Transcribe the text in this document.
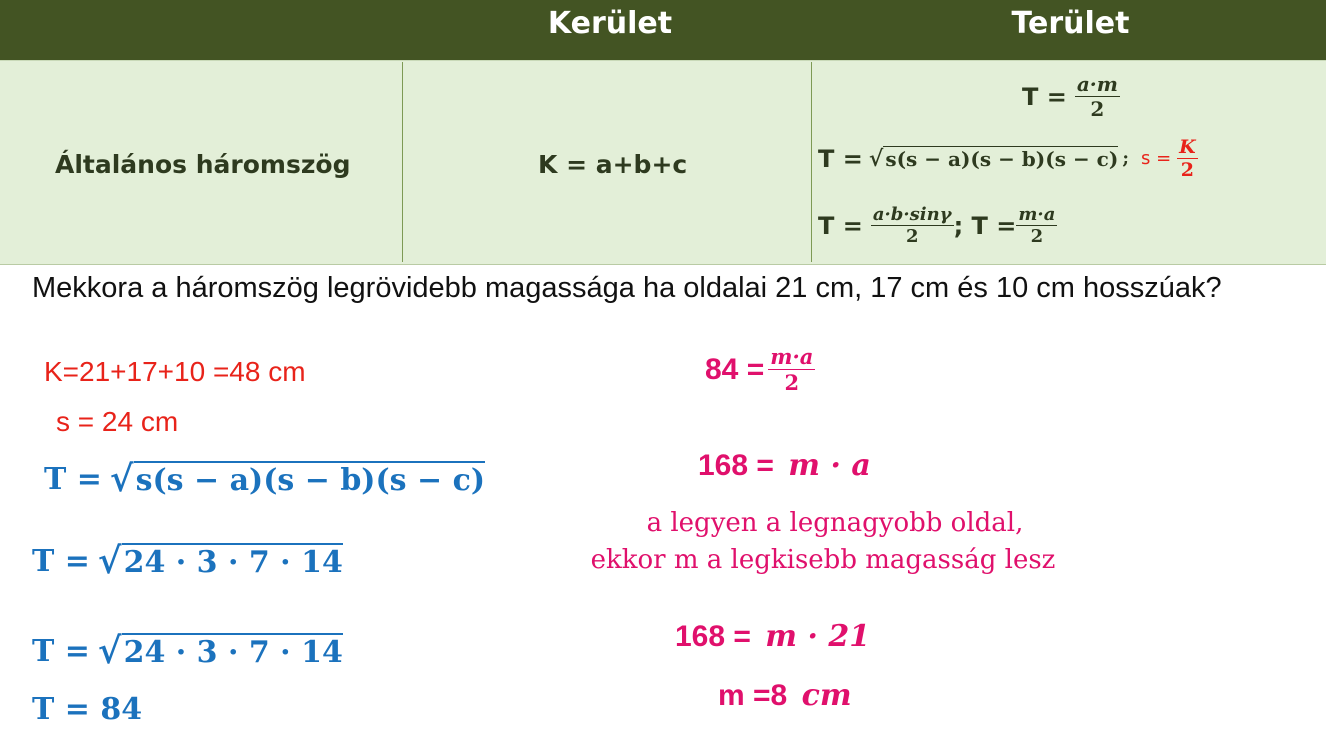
Kerület	Terület
Általános háromszög	K = a+b+c
$T = \frac{a\cdot m}{2}$
T = √ s(s − a)(s − b)(s − c) ; $s = \frac{K}{2}$
$T = \frac{a\cdot b\cdot\sin\gamma}{2}$ ; $T = \frac{m\cdot a}{2}$
Mekkora a háromszög legrövidebb magassága ha oldalai 21 cm, 17 cm és 10 cm hosszúak?
K=21+17+10 =48 cm
s = 24 cm
T = √ s(s − a)(s − b)(s − c)
T = √ 24 · 3 · 7 · 14
T = √ 24 · 3 · 7 · 14
T = 84
$84 = \frac{m\cdot a}{2}$
168 = m · a
a legyen a legnagyobb oldal,
ekkor m a legkisebb magasság lesz
168 = m · 21
m =8 cm
